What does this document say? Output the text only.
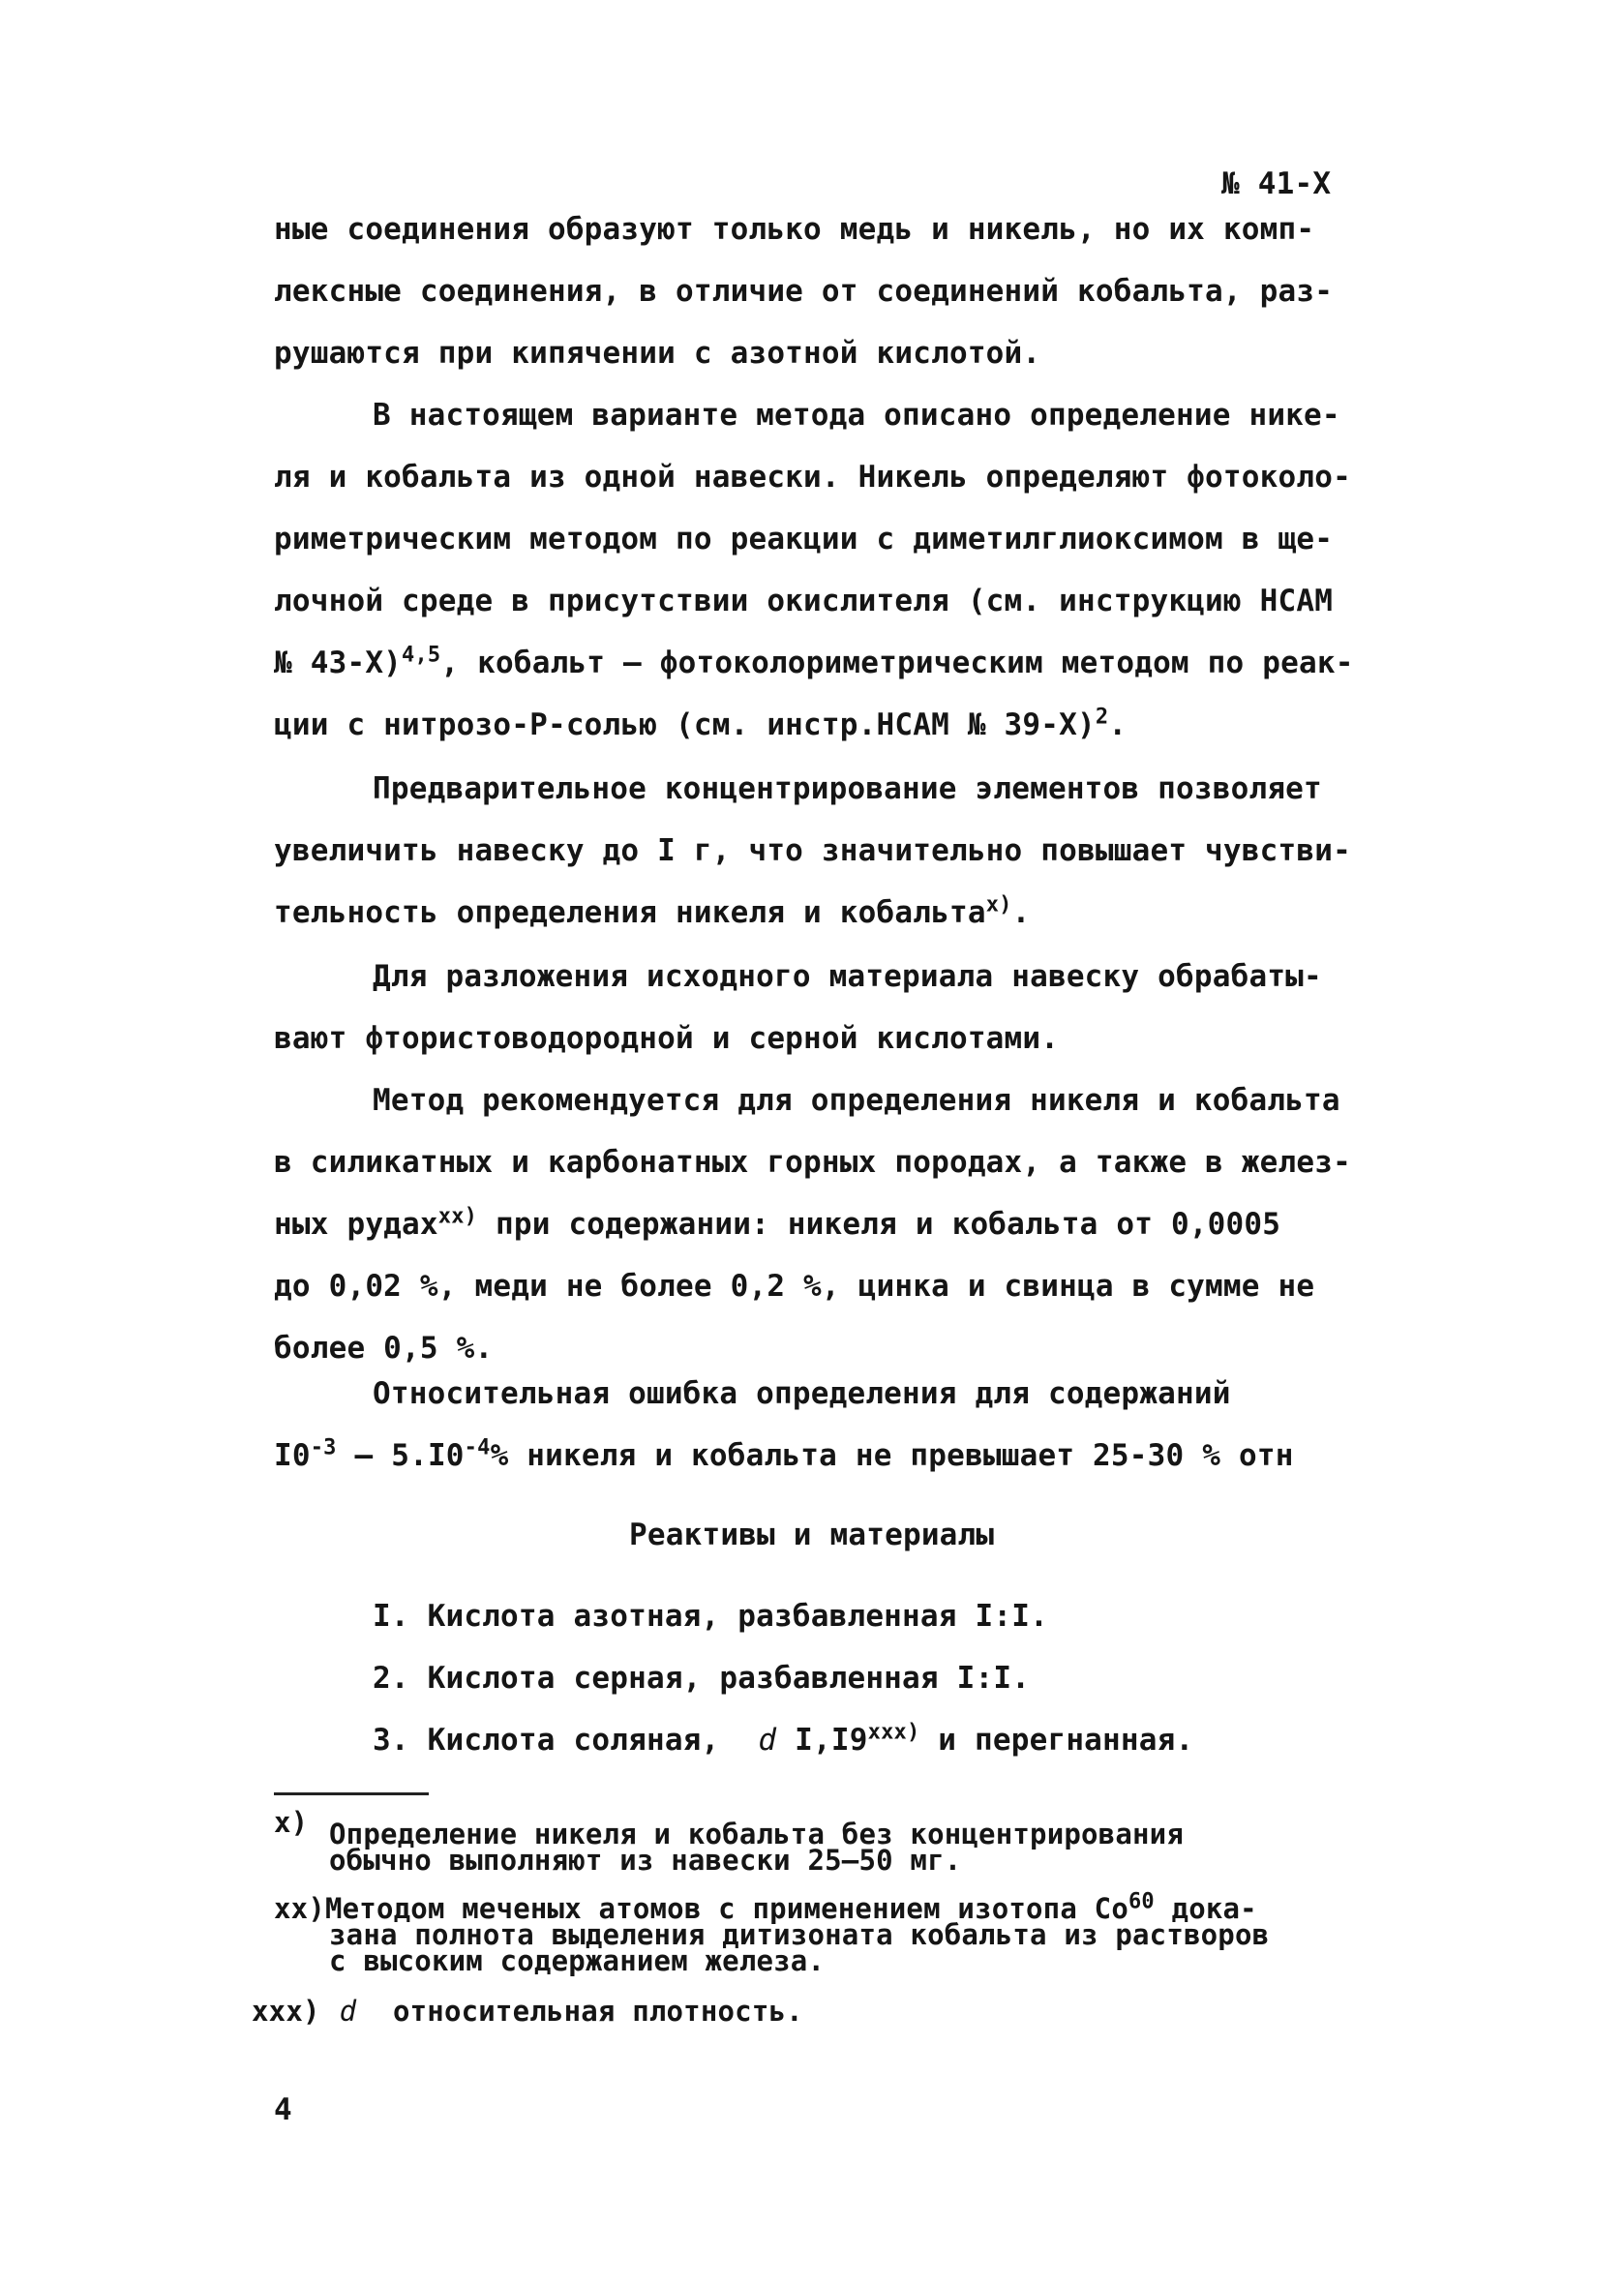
№ 41-Х
ные соединения образуют только медь и никель, но их комп-
лексные соединения, в отличие от соединений кобальта, раз-
рушаются при кипячении с азотной кислотой.
В настоящем варианте метода описано определение нике-
ля и кобальта из одной навески. Никель определяют фотоколо-
риметрическим методом по реакции с диметилглиоксимом в ще-
лочной среде в присутствии окислителя (см. инструкцию НСАМ
№ 43-Х)$^{4,5}$, кобальт – фотоколориметрическим методом по реак-
ции с нитрозо-Р-солью (см. инстр.НСАМ № 39-Х)$^2$.
Предварительное концентрирование элементов позволяет
увеличить навеску до I г, что значительно повышает чувстви-
тельность определения никеля и кобальта$^{х)}$.
Для разложения исходного материала навеску обрабаты-
вают фтористоводородной и серной кислотами.
Метод рекомендуется для определения никеля и кобальта
в силикатных и карбонатных горных породах, а также в желез-
ных рудах$^{хх)}$ при содержании: никеля и кобальта от 0,0005
до 0,02 %, меди не более 0,2 %, цинка и свинца в сумме не
более 0,5 %.
Относительная ошибка определения для содержаний
$I0^{-3} - 5.I0^{-4}\%$ никеля и кобальта не превышает 25-30 % отн
Реактивы и материалы
I. Кислота азотная, разбавленная I:I.
2. Кислота серная, разбавленная I:I.
3. Кислота соляная, d $I,I9^{ххх)}$ и перегнанная.
х) Определение никеля и кобальта без концентрирования
обычно выполняют из навески 25–50 мг.
хх)Методом меченых атомов с применением изотопа Co$^{60}$ дока-
зана полнота выделения дитизоната кобальта из растворов
с высоким содержанием железа.
ххх) d относительная плотность.
4
